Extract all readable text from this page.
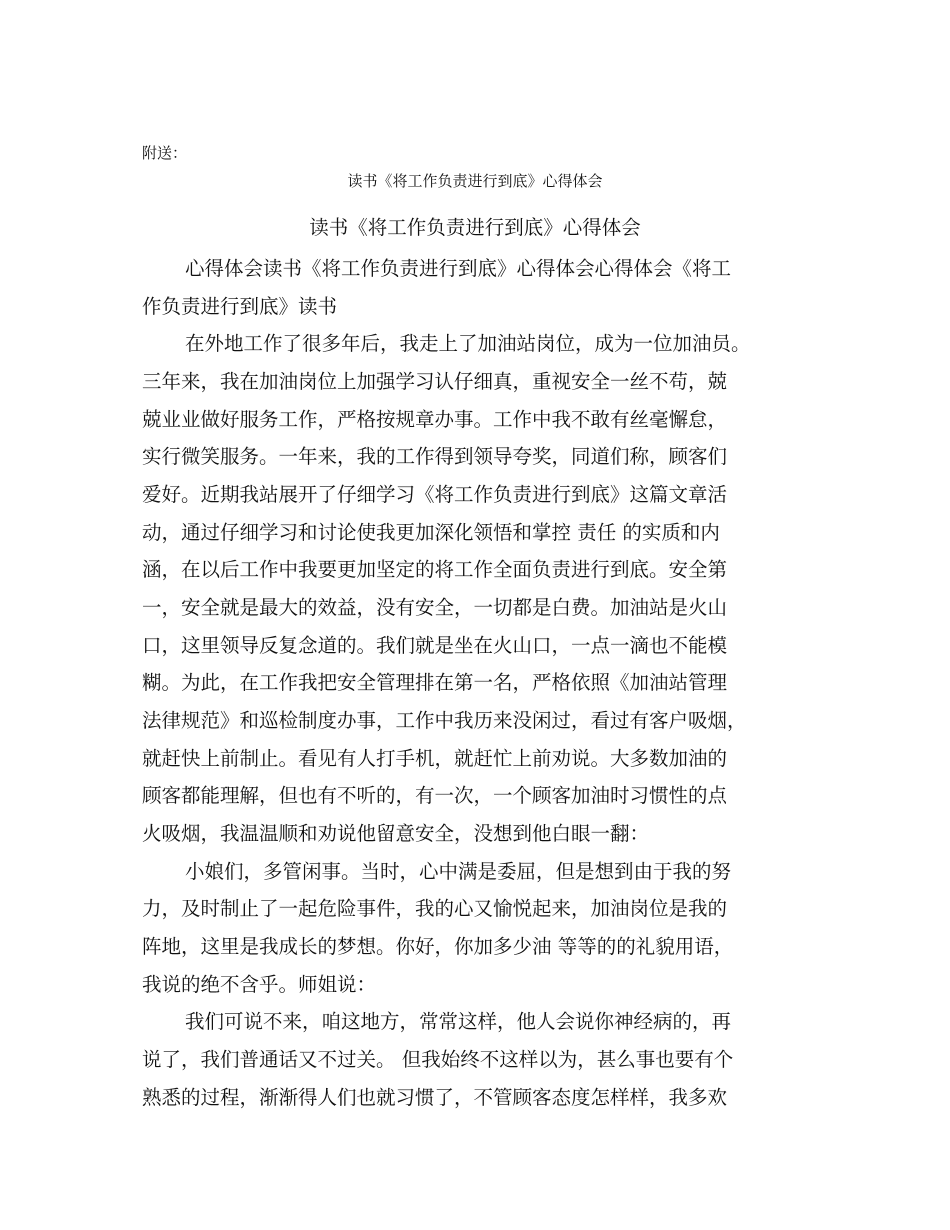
附送：
读书《将工作负责进行到底》心得体会
读书《将工作负责进行到底》心得体会
心得体会读书《将工作负责进行到底》心得体会心得体会《将工
作负责进行到底》读书
在外地工作了很多年后，我走上了加油站岗位，成为一位加油员。
三年来，我在加油岗位上加强学习认仔细真，重视安全一丝不苟，兢
兢业业做好服务工作，严格按规章办事。工作中我不敢有丝毫懈怠，
实行微笑服务。一年来，我的工作得到领导夸奖，同道们称，顾客们
爱好。近期我站展开了仔细学习《将工作负责进行到底》这篇文章活
动，通过仔细学习和讨论使我更加深化领悟和掌控 责任 的实质和内
涵，在以后工作中我要更加坚定的将工作全面负责进行到底。安全第
一，安全就是最大的效益，没有安全，一切都是白费。加油站是火山
口，这里领导反复念道的。我们就是坐在火山口，一点一滴也不能模
糊。为此，在工作我把安全管理排在第一名，严格依照《加油站管理
法律规范》和巡检制度办事，工作中我历来没闲过，看过有客户吸烟，
就赶快上前制止。看见有人打手机，就赶忙上前劝说。大多数加油的
顾客都能理解，但也有不听的，有一次，一个顾客加油时习惯性的点
火吸烟，我温温顺和劝说他留意安全，没想到他白眼一翻：
小娘们，多管闲事。当时，心中满是委屈，但是想到由于我的努
力，及时制止了一起危险事件，我的心又愉悦起来，加油岗位是我的
阵地，这里是我成长的梦想。你好，你加多少油 等等的的礼貌用语，
我说的绝不含乎。师姐说：
我们可说不来，咱这地方，常常这样，他人会说你神经病的，再
说了，我们普通话又不过关。 但我始终不这样以为，甚么事也要有个
熟悉的过程，渐渐得人们也就习惯了，不管顾客态度怎样样，我多欢
